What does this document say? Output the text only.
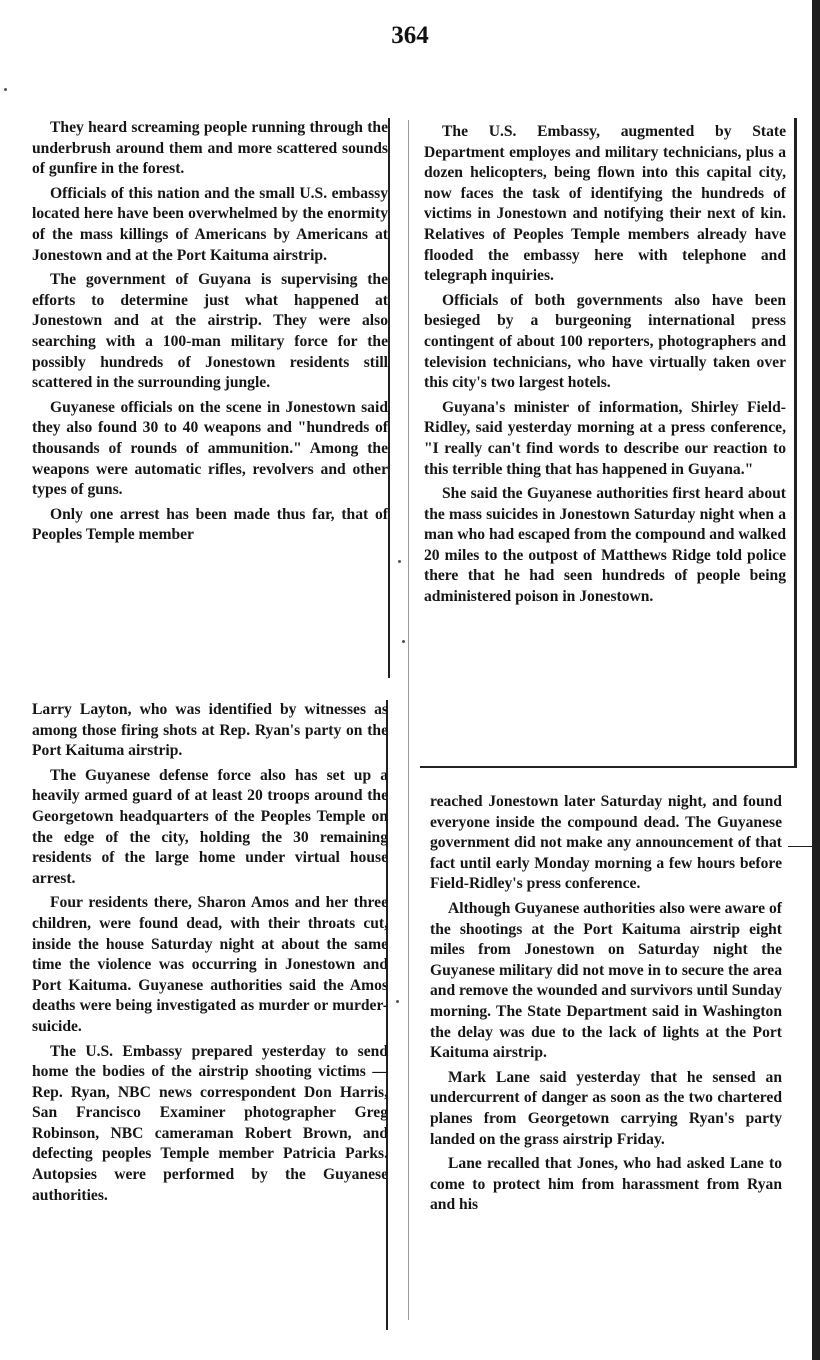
364

They heard screaming people running through the underbrush around them and more scattered sounds of gunfire in the forest.

Officials of this nation and the small U.S. embassy located here have been overwhelmed by the enormity of the mass killings of Americans by Americans at Jonestown and at the Port Kaituma airstrip.

The government of Guyana is supervising the efforts to determine just what happened at Jonestown and at the airstrip. They were also searching with a 100-man military force for the possibly hundreds of Jonestown residents still scattered in the surrounding jungle.

Guyanese officials on the scene in Jonestown said they also found 30 to 40 weapons and "hundreds of thousands of rounds of ammunition." Among the weapons were automatic rifles, revolvers and other types of guns.

Only one arrest has been made thus far, that of Peoples Temple member

Larry Layton, who was identified by witnesses as among those firing shots at Rep. Ryan's party on the Port Kaituma airstrip.

The Guyanese defense force also has set up a heavily armed guard of at least 20 troops around the Georgetown headquarters of the Peoples Temple on the edge of the city, holding the 30 remaining residents of the large home under virtual house arrest.

Four residents there, Sharon Amos and her three children, were found dead, with their throats cut, inside the house Saturday night at about the same time the violence was occurring in Jonestown and Port Kaituma. Guyanese authorities said the Amos deaths were being investigated as murder or murder-suicide.

The U.S. Embassy prepared yesterday to send home the bodies of the airstrip shooting victims — Rep. Ryan, NBC news correspondent Don Harris, San Francisco Examiner photographer Greg Robinson, NBC cameraman Robert Brown, and defecting peoples Temple member Patricia Parks. Autopsies were performed by the Guyanese authorities.

The U.S. Embassy, augmented by State Department employes and military technicians, plus a dozen helicopters, being flown into this capital city, now faces the task of identifying the hundreds of victims in Jonestown and notifying their next of kin. Relatives of Peoples Temple members already have flooded the embassy here with telephone and telegraph inquiries.

Officials of both governments also have been besieged by a burgeoning international press contingent of about 100 reporters, photographers and television technicians, who have virtually taken over this city's two largest hotels.

Guyana's minister of information, Shirley Field-Ridley, said yesterday morning at a press conference, "I really can't find words to describe our reaction to this terrible thing that has happened in Guyana."

She said the Guyanese authorities first heard about the mass suicides in Jonestown Saturday night when a man who had escaped from the compound and walked 20 miles to the outpost of Matthews Ridge told police there that he had seen hundreds of people being administered poison in Jonestown.

reached Jonestown later Saturday night, and found everyone inside the compound dead. The Guyanese government did not make any announcement of that fact until early Monday morning a few hours before Field-Ridley's press conference.

Although Guyanese authorities also were aware of the shootings at the Port Kaituma airstrip eight miles from Jonestown on Saturday night the Guyanese military did not move in to secure the area and remove the wounded and survivors until Sunday morning. The State Department said in Washington the delay was due to the lack of lights at the Port Kaituma airstrip.

Mark Lane said yesterday that he sensed an undercurrent of danger as soon as the two chartered planes from Georgetown carrying Ryan's party landed on the grass airstrip Friday.

Lane recalled that Jones, who had asked Lane to come to protect him from harassment from Ryan and his
